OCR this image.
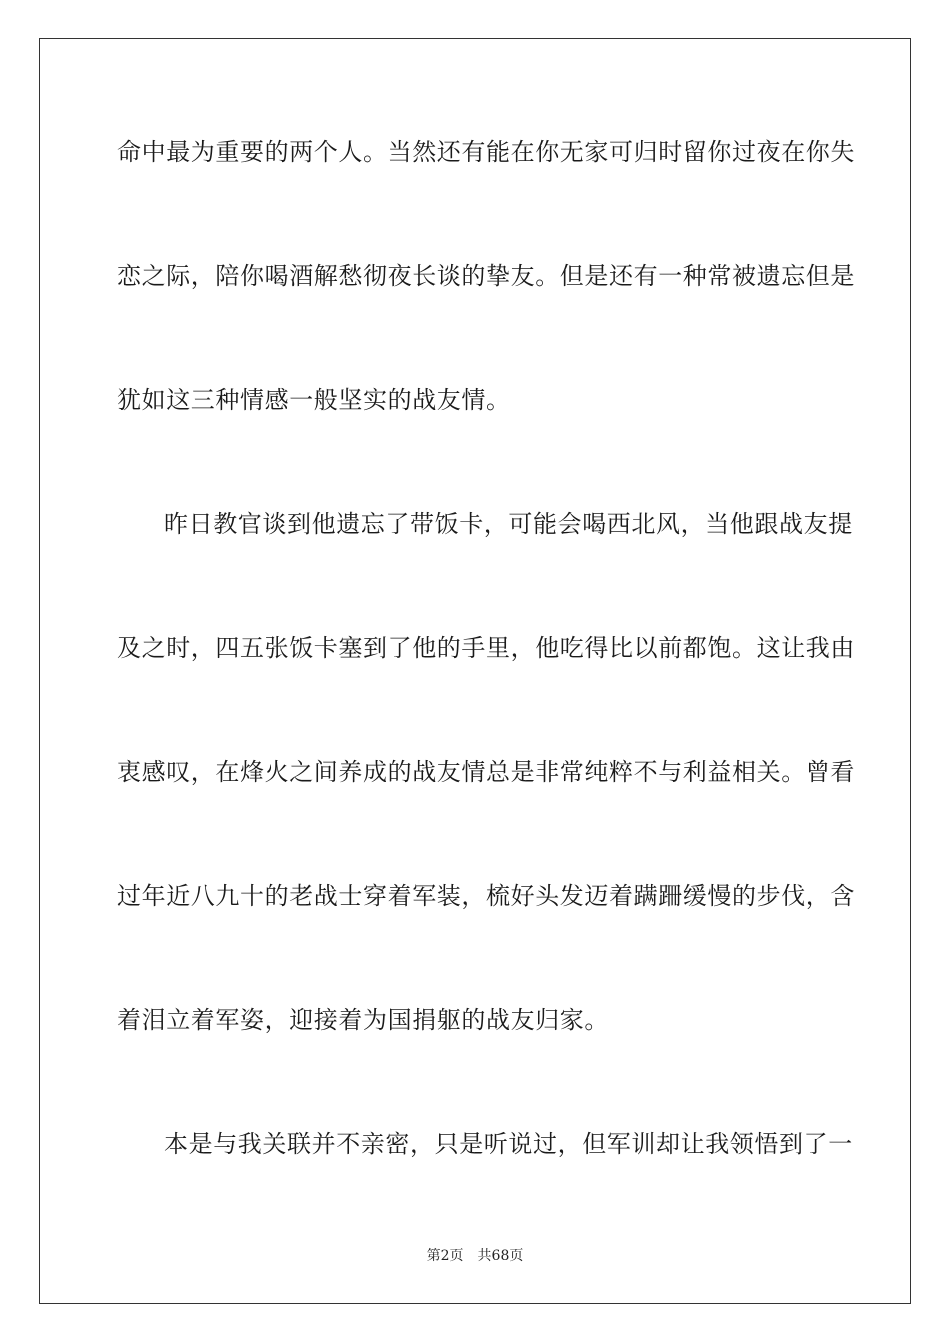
命中最为重要的两个人。当然还有能在你无家可归时留你过夜在你失
恋之际，陪你喝酒解愁彻夜长谈的挚友。但是还有一种常被遗忘但是
犹如这三种情感一般坚实的战友情。
昨日教官谈到他遗忘了带饭卡，可能会喝西北风，当他跟战友提
及之时，四五张饭卡塞到了他的手里，他吃得比以前都饱。这让我由
衷感叹，在烽火之间养成的战友情总是非常纯粹不与利益相关。曾看
过年近八九十的老战士穿着军装，梳好头发迈着蹒跚缓慢的步伐，含
着泪立着军姿，迎接着为国捐躯的战友归家。
本是与我关联并不亲密，只是听说过，但军训却让我领悟到了一
第2页 共68页
